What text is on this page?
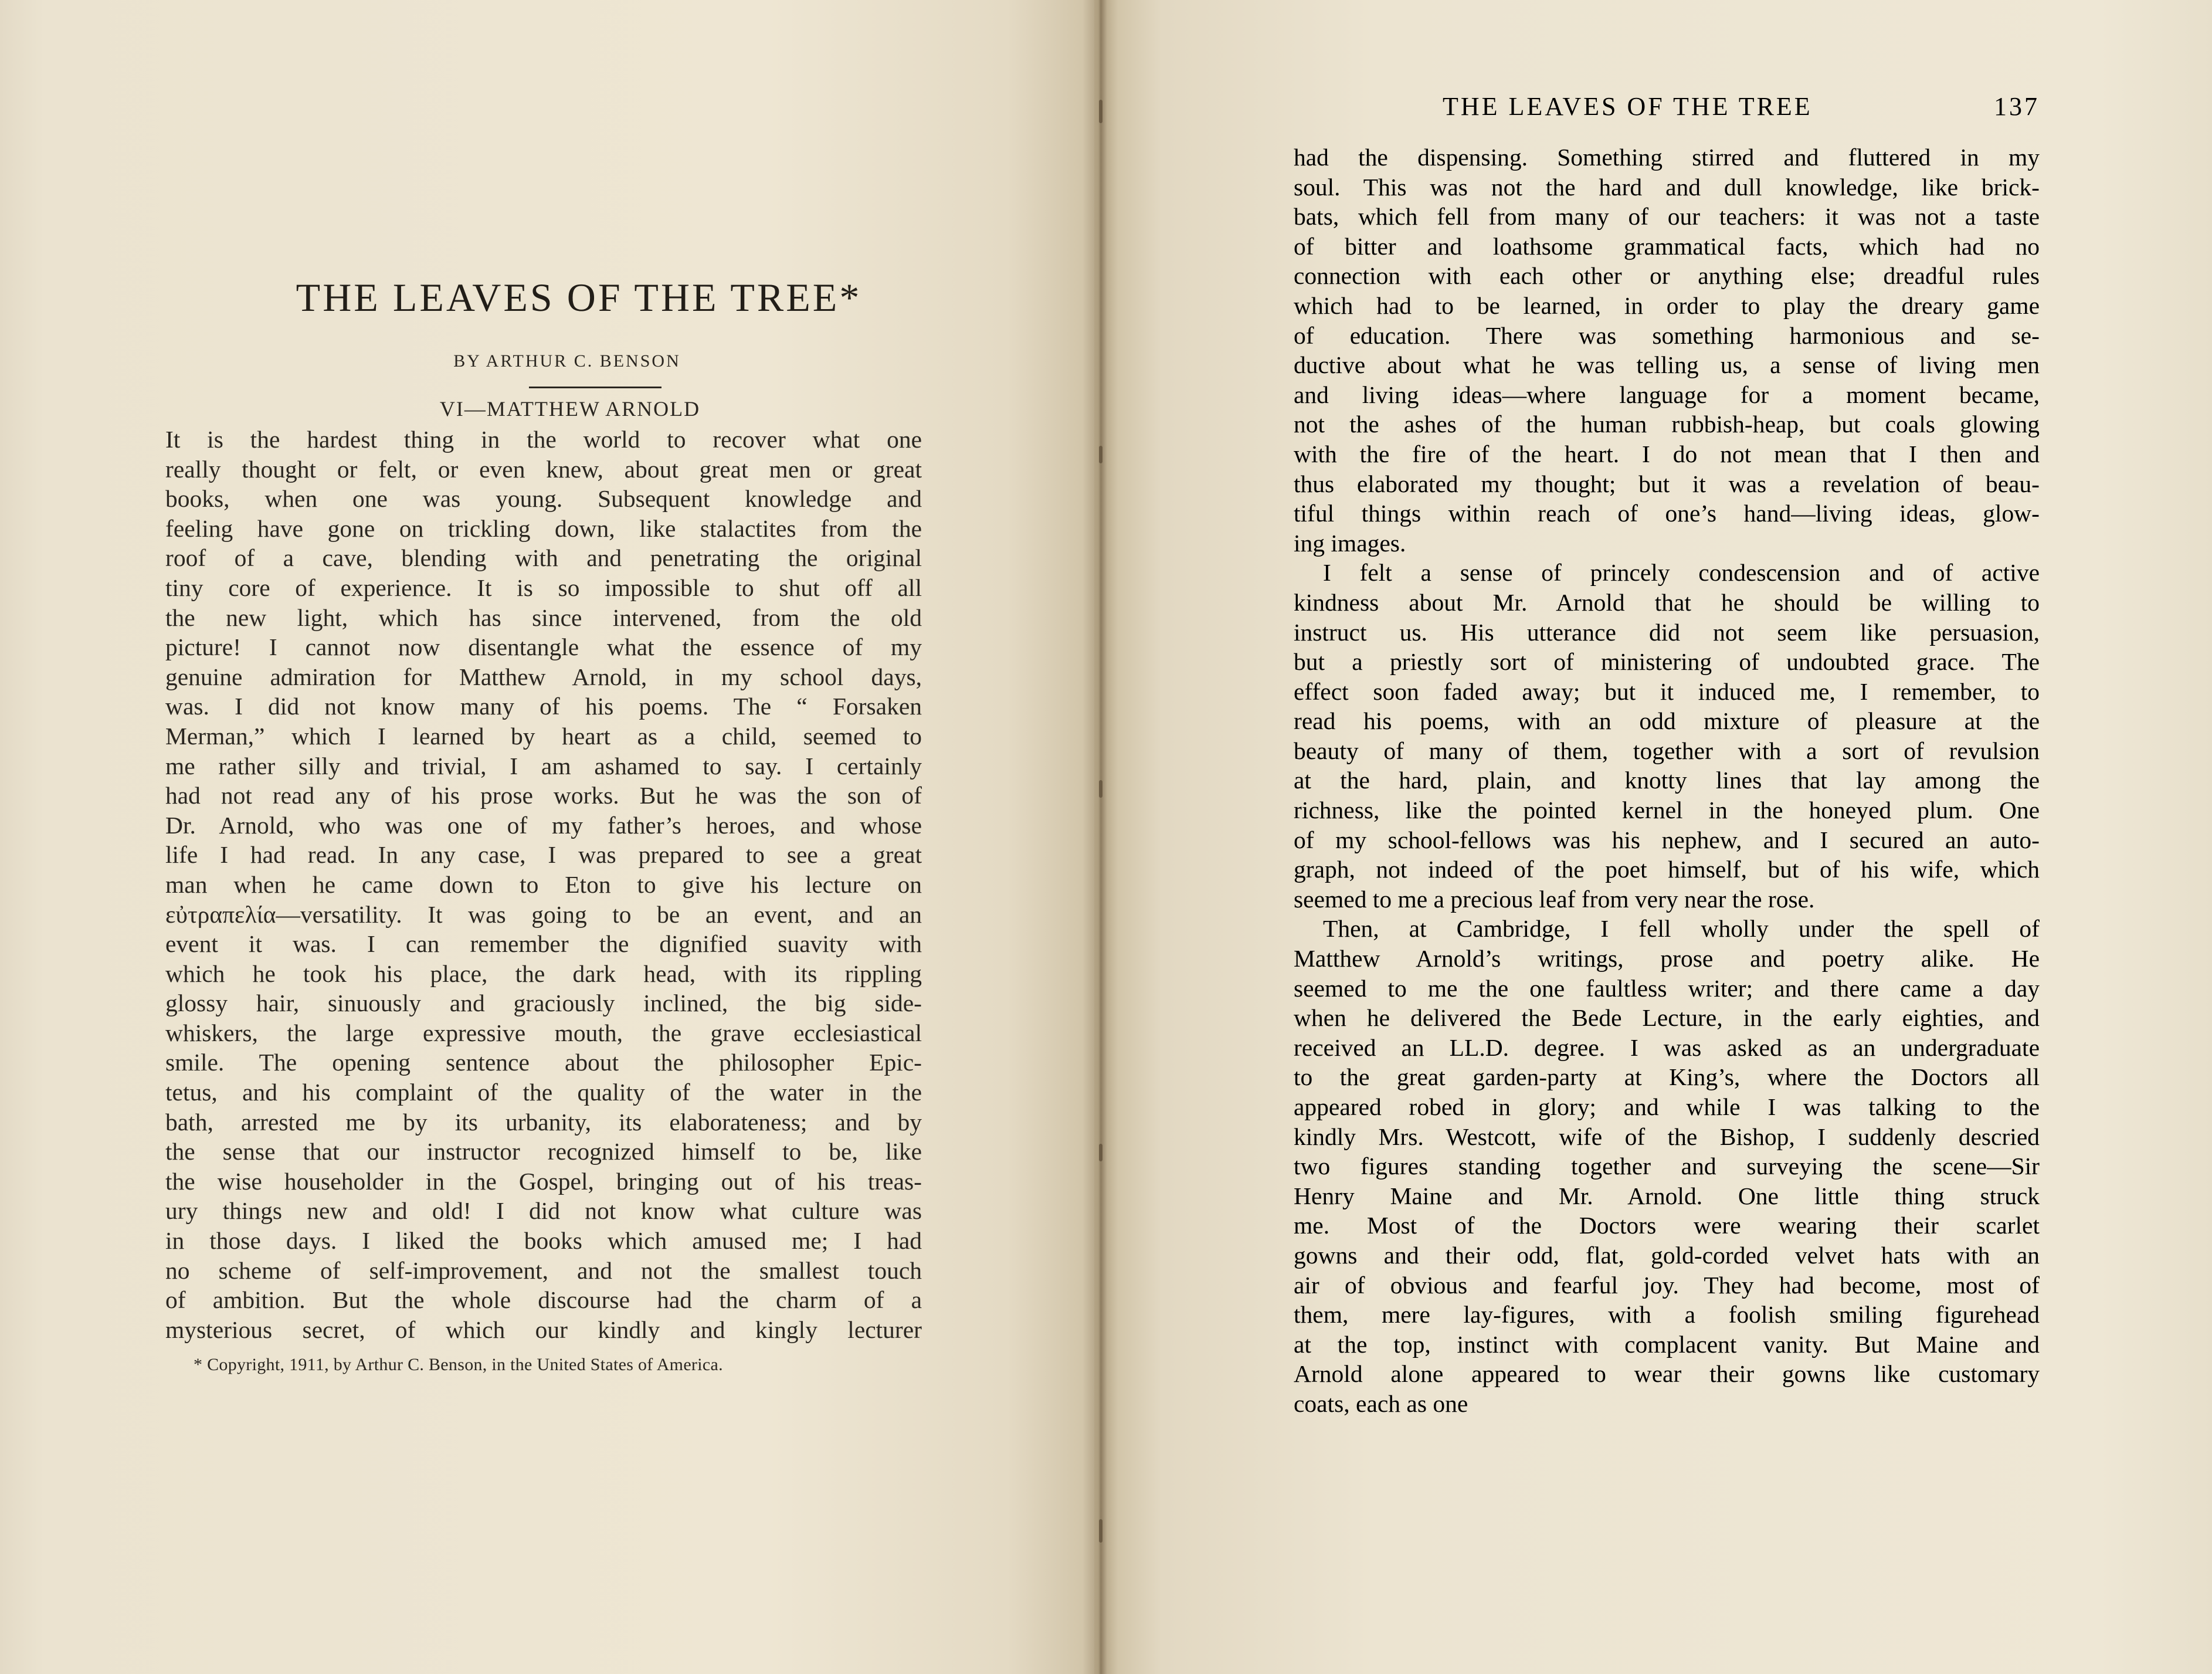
THE LEAVES OF THE TREE*
BY ARTHUR C. BENSON
VI—MATTHEW ARNOLD
It is the hardest thing in the world to recover what one
really thought or felt, or even knew, about great men or great
books, when one was young. Subsequent knowledge and
feeling have gone on trickling down, like stalactites from the
roof of a cave, blending with and penetrating the original
tiny core of experience. It is so impossible to shut off all
the new light, which has since intervened, from the old
picture! I cannot now disentangle what the essence of my
genuine admiration for Matthew Arnold, in my school days,
was. I did not know many of his poems. The “ Forsaken
Merman,” which I learned by heart as a child, seemed to
me rather silly and trivial, I am ashamed to say. I certainly
had not read any of his prose works. But he was the son of
Dr. Arnold, who was one of my father’s heroes, and whose
life I had read. In any case, I was prepared to see a great
man when he came down to Eton to give his lecture on
εὐτραπελία—versatility. It was going to be an event, and an
event it was. I can remember the dignified suavity with
which he took his place, the dark head, with its rippling
glossy hair, sinuously and graciously inclined, the big side-
whiskers, the large expressive mouth, the grave ecclesiastical
smile. The opening sentence about the philosopher Epic-
tetus, and his complaint of the quality of the water in the
bath, arrested me by its urbanity, its elaborateness; and by
the sense that our instructor recognized himself to be, like
the wise householder in the Gospel, bringing out of his treas-
ury things new and old! I did not know what culture was
in those days. I liked the books which amused me; I had
no scheme of self-improvement, and not the smallest touch
of ambition. But the whole discourse had the charm of a
mysterious secret, of which our kindly and kingly lecturer
* Copyright, 1911, by Arthur C. Benson, in the United States of America.
THE LEAVES OF THE TREE	137
had the dispensing. Something stirred and fluttered in my
soul. This was not the hard and dull knowledge, like brick-
bats, which fell from many of our teachers: it was not a taste
of bitter and loathsome grammatical facts, which had no
connection with each other or anything else; dreadful rules
which had to be learned, in order to play the dreary game
of education. There was something harmonious and se-
ductive about what he was telling us, a sense of living men
and living ideas—where language for a moment became,
not the ashes of the human rubbish-heap, but coals glowing
with the fire of the heart. I do not mean that I then and
thus elaborated my thought; but it was a revelation of beau-
tiful things within reach of one’s hand—living ideas, glow-
ing images.
I felt a sense of princely condescension and of active
kindness about Mr. Arnold that he should be willing to
instruct us. His utterance did not seem like persuasion,
but a priestly sort of ministering of undoubted grace. The
effect soon faded away; but it induced me, I remember, to
read his poems, with an odd mixture of pleasure at the
beauty of many of them, together with a sort of revulsion
at the hard, plain, and knotty lines that lay among the
richness, like the pointed kernel in the honeyed plum. One
of my school-fellows was his nephew, and I secured an auto-
graph, not indeed of the poet himself, but of his wife, which
seemed to me a precious leaf from very near the rose.
Then, at Cambridge, I fell wholly under the spell of
Matthew Arnold’s writings, prose and poetry alike. He
seemed to me the one faultless writer; and there came a day
when he delivered the Bede Lecture, in the early eighties, and
received an LL.D. degree. I was asked as an undergraduate
to the great garden-party at King’s, where the Doctors all
appeared robed in glory; and while I was talking to the
kindly Mrs. Westcott, wife of the Bishop, I suddenly descried
two figures standing together and surveying the scene—Sir
Henry Maine and Mr. Arnold. One little thing struck
me. Most of the Doctors were wearing their scarlet
gowns and their odd, flat, gold-corded velvet hats with an
air of obvious and fearful joy. They had become, most of
them, mere lay-figures, with a foolish smiling figurehead
at the top, instinct with complacent vanity. But Maine and
Arnold alone appeared to wear their gowns like customary
coats, each as one
